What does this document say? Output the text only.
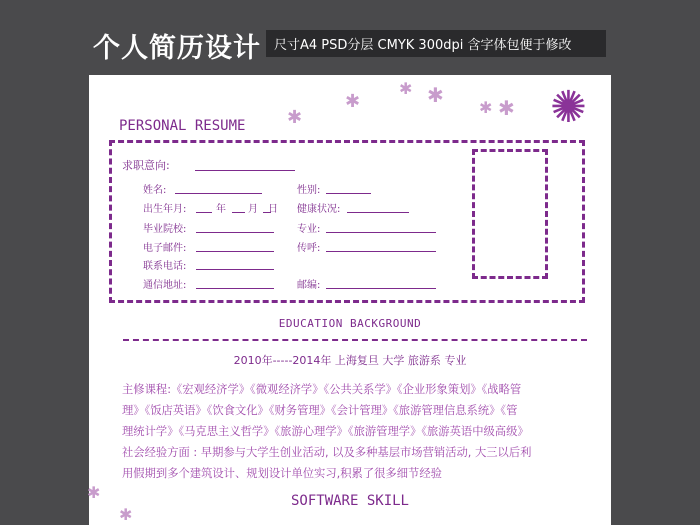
个人简历设计 尺寸A4 PSD分层 CMYK 300dpi 含字体包便于修改
✱
✱
✱ ✱
✱ ✱ ✺
✱
✱
PERSONAL RESUME
求职意向:
姓名:	性别:
出生年月:	年 月 日 健康状况:
毕业院校:	专业:
电子邮件:	传呼:
联系电话:
通信地址:	邮编:
EDUCATION BACKGROUND
2010年-----2014年 上海复旦 大学 旅游系 专业

主修课程:《宏观经济学》《微观经济学》《公共关系学》《企业形象策划》《战略管

理》《饭店英语》《饮食文化》《财务管理》《会计管理》《旅游管理信息系统》《管

理统计学》《马克思主义哲学》《旅游心理学》《旅游管理学》《旅游英语中级高级》

社会经验方面 : 早期参与大学生创业活动, 以及多种基层市场营销活动, 大三以后利

用假期到多个建筑设计、规划设计单位实习,积累了很多细节经验

SOFTWARE SKILL
